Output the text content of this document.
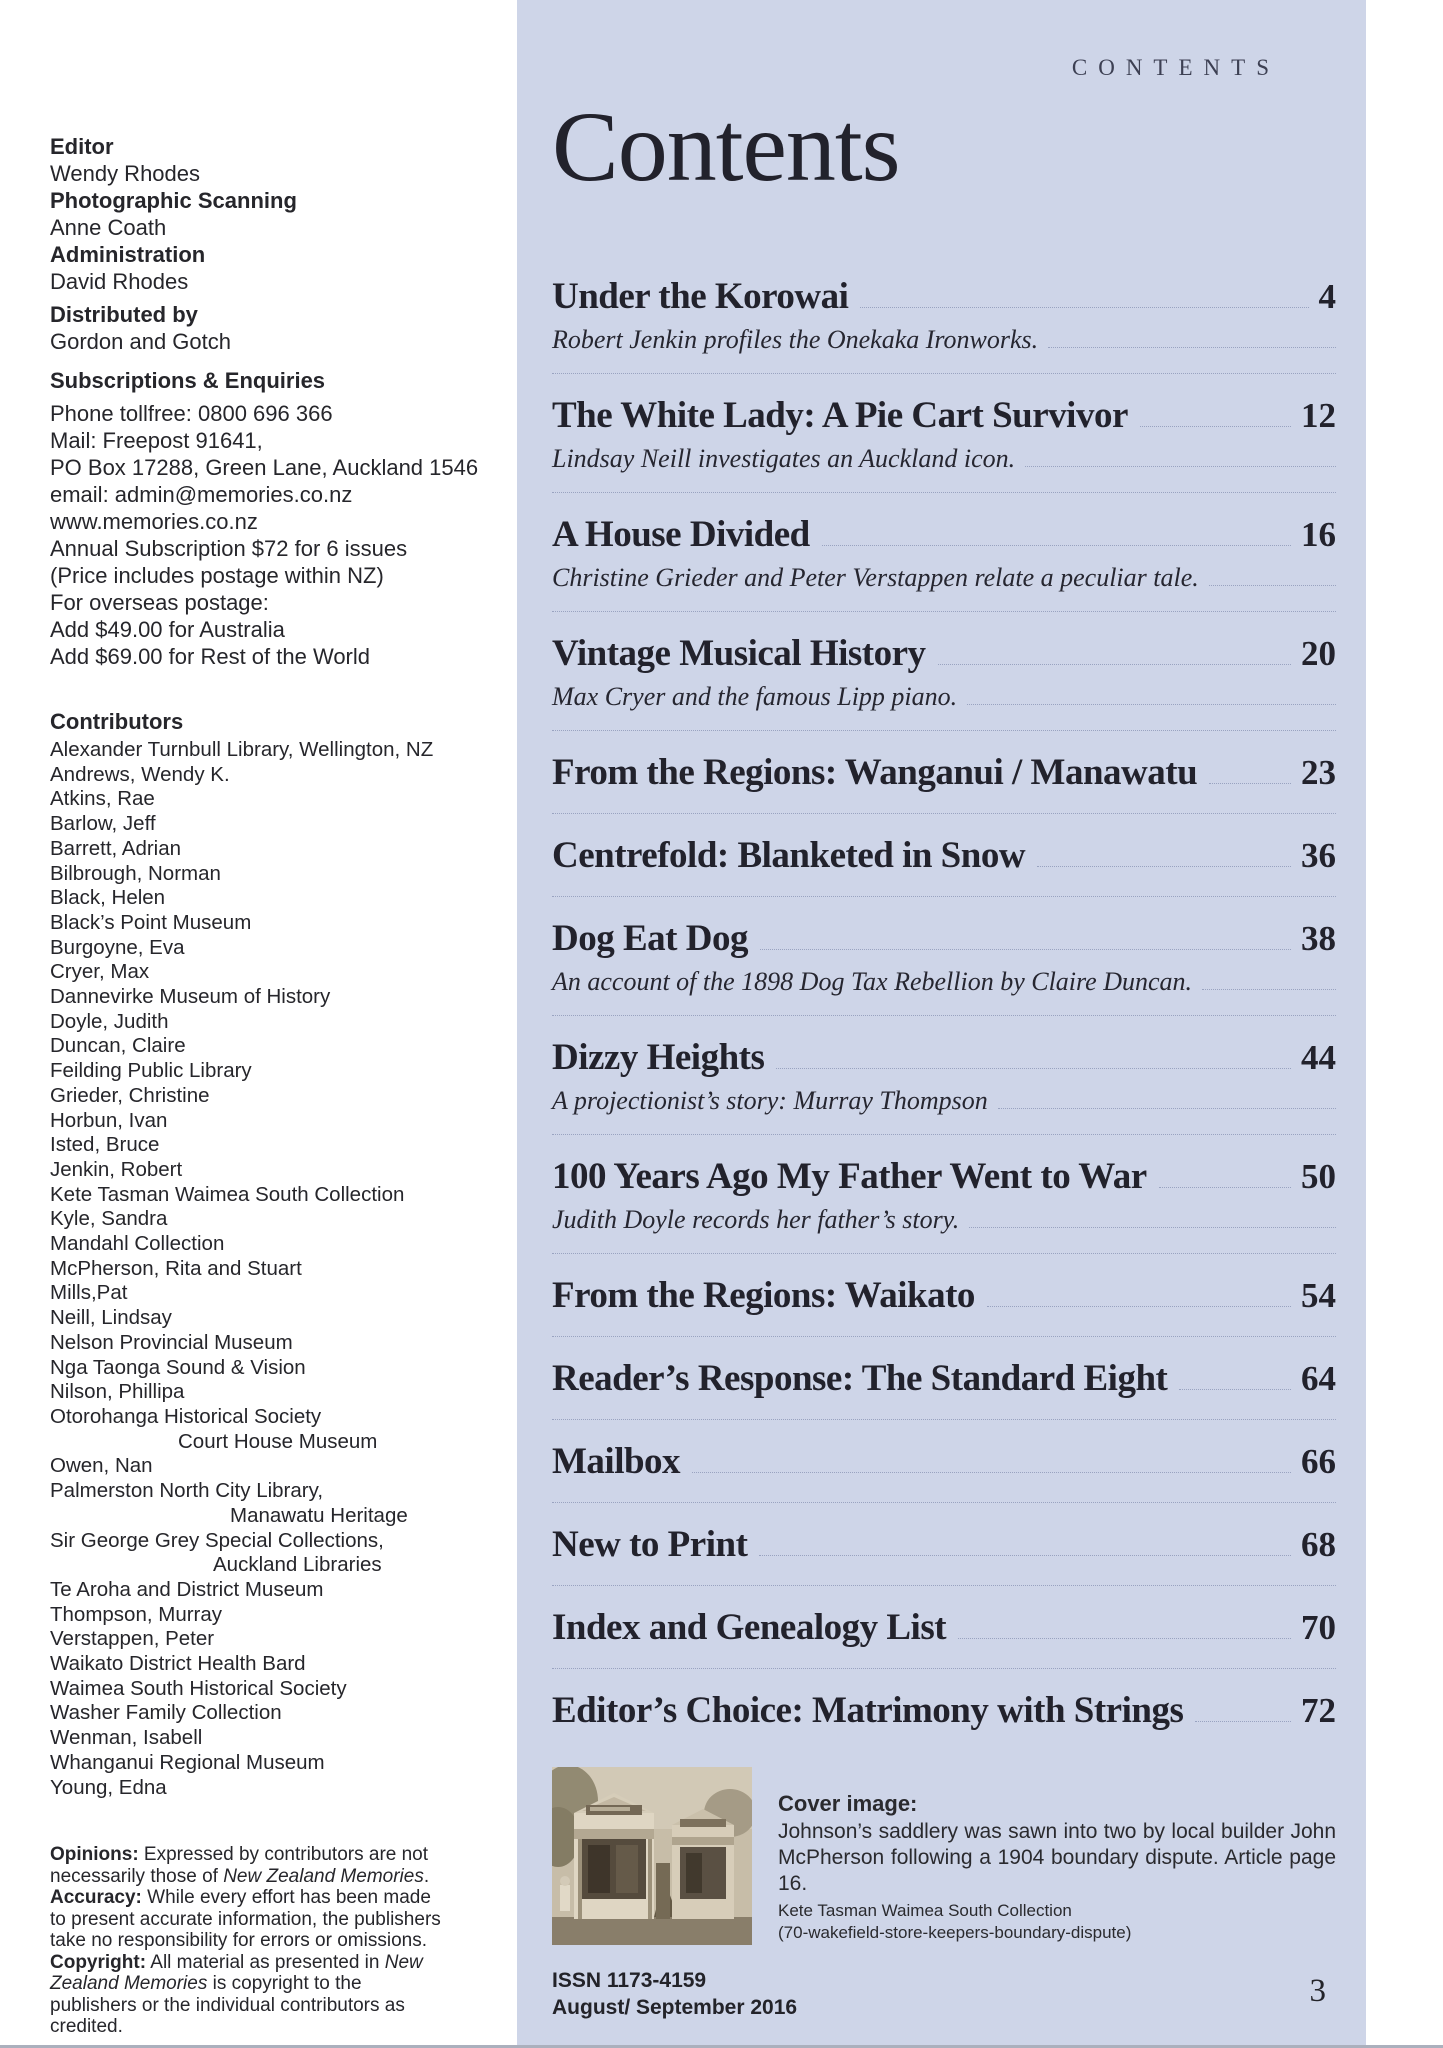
Editor
Wendy Rhodes
Photographic Scanning
Anne Coath
Administration
David Rhodes
Distributed by
Gordon and Gotch
Subscriptions & Enquiries
Phone tollfree: 0800 696 366
Mail: Freepost 91641,
PO Box 17288, Green Lane, Auckland 1546
email: admin@memories.co.nz
www.memories.co.nz
Annual Subscription $72 for 6 issues
(Price includes postage within NZ)
For overseas postage:
Add $49.00 for Australia
Add $69.00 for Rest of the World
Contributors
Alexander Turnbull Library, Wellington, NZ
Andrews, Wendy K.
Atkins, Rae
Barlow, Jeff
Barrett, Adrian
Bilbrough, Norman
Black, Helen
Black’s Point Museum
Burgoyne, Eva
Cryer, Max
Dannevirke Museum of History
Doyle, Judith
Duncan, Claire
Feilding Public Library
Grieder, Christine
Horbun, Ivan
Isted, Bruce
Jenkin, Robert
Kete Tasman Waimea South Collection
Kyle, Sandra
Mandahl Collection
McPherson, Rita and Stuart
Mills,Pat
Neill, Lindsay
Nelson Provincial Museum
Nga Taonga Sound & Vision
Nilson, Phillipa
Otorohanga Historical Society
Court House Museum
Owen, Nan
Palmerston North City Library,
Manawatu Heritage
Sir George Grey Special Collections,
Auckland Libraries
Te Aroha and District Museum
Thompson, Murray
Verstappen, Peter
Waikato District Health Bard
Waimea South Historical Society
Washer Family Collection
Wenman, Isabell
Whanganui Regional Museum
Young, Edna

Opinions: Expressed by contributors are not necessarily those of New Zealand Memories.

Accuracy: While every effort has been made to present accurate information, the publishers take no responsibility for errors or omissions.

Copyright: All material as presented in New Zealand Memories is copyright to the publishers or the individual contributors as credited.

CONTENTS
Contents
Under the Korowai	4
Robert Jenkin profiles the Onekaka Ironworks.
The White Lady: A Pie Cart Survivor	12
Lindsay Neill investigates an Auckland icon.
A House Divided	16
Christine Grieder and Peter Verstappen relate a peculiar tale.
Vintage Musical History	20
Max Cryer and the famous Lipp piano.
From the Regions: Wanganui / Manawatu	23
Centrefold: Blanketed in Snow	36
Dog Eat Dog	38
An account of the 1898 Dog Tax Rebellion by Claire Duncan.
Dizzy Heights	44
A projectionist’s story: Murray Thompson
100 Years Ago My Father Went to War	50
Judith Doyle records her father’s story.
From the Regions: Waikato	54
Reader’s Response: The Standard Eight	64
Mailbox	66
New to Print	68
Index and Genealogy List	70
Editor’s Choice: Matrimony with Strings	72
Cover image:

Johnson’s saddlery was sawn into two by local builder John McPherson following a 1904 boundary dispute. Article page 16.

Kete Tasman Waimea South Collection
(70-wakefield-store-keepers-boundary-dispute)
ISSN 1173-4159
August/ September 2016	3
